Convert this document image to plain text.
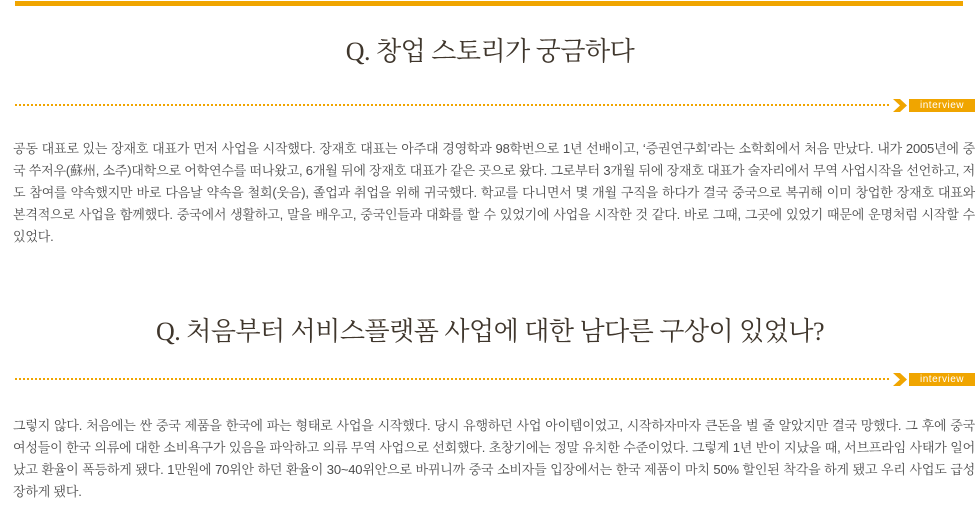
Q. 창업 스토리가 궁금하다
interview

공동 대표로 있는 장재호 대표가 먼저 사업을 시작했다. 장재호 대표는 아주대 경영학과 98학번으로 1년 선배이고, ‘증권연구회’라는 소학회에서 처음 만났다. 내가 2005년에 중국 쑤저우(蘇州, 소주)대학으로 어학연수를 떠나왔고, 6개월 뒤에 장재호 대표가 같은 곳으로 왔다. 그로부터 3개월 뒤에 장재호 대표가 술자리에서 무역 사업시작을 선언하고, 저도 참여를 약속했지만 바로 다음날 약속을 철회(웃음), 졸업과 취업을 위해 귀국했다. 학교를 다니면서 몇 개월 구직을 하다가 결국 중국으로 복귀해 이미 창업한 장재호 대표와 본격적으로 사업을 함께했다. 중국에서 생활하고, 말을 배우고, 중국인들과 대화를 할 수 있었기에 사업을 시작한 것 같다. 바로 그때, 그곳에 있었기 때문에 운명처럼 시작할 수 있었다.

Q. 처음부터 서비스플랫폼 사업에 대한 남다른 구상이 있었나?
interview

그렇지 않다. 처음에는 싼 중국 제품을 한국에 파는 형태로 사업을 시작했다. 당시 유행하던 사업 아이템이었고, 시작하자마자 큰돈을 벌 줄 알았지만 결국 망했다. 그 후에 중국 여성들이 한국 의류에 대한 소비욕구가 있음을 파악하고 의류 무역 사업으로 선회했다. 초창기에는 정말 유치한 수준이었다. 그렇게 1년 반이 지났을 때, 서브프라임 사태가 일어났고 환율이 폭등하게 됐다. 1만원에 70위안 하던 환율이 30~40위안으로 바뀌니까 중국 소비자들 입장에서는 한국 제품이 마치 50% 할인된 착각을 하게 됐고 우리 사업도 급성장하게 됐다.
